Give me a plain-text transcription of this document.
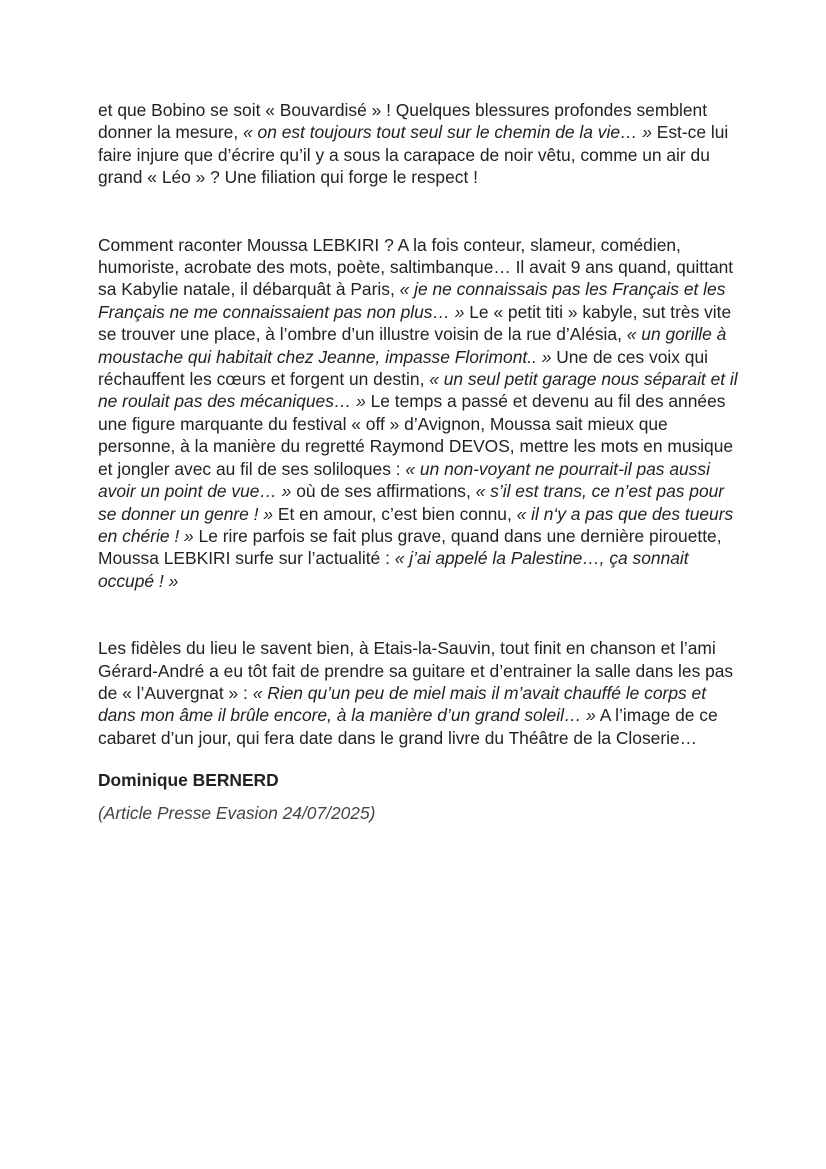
et que Bobino se soit « Bouvardisé » ! Quelques blessures profondes semblent donner la mesure, « on est toujours tout seul sur le chemin de la vie… » Est-ce lui faire injure que d’écrire qu’il y a sous la carapace de noir vêtu, comme un air du grand « Léo » ? Une filiation qui forge le respect !

Comment raconter Moussa LEBKIRI ? A la fois conteur, slameur, comédien, humoriste, acrobate des mots, poète, saltimbanque… Il avait 9 ans quand, quittant sa Kabylie natale, il débarquât à Paris, « je ne connaissais pas les Français et les Français ne me connaissaient pas non plus… » Le « petit titi » kabyle, sut très vite se trouver une place, à l’ombre d’un illustre voisin de la rue d’Alésia, « un gorille à moustache qui habitait chez Jeanne, impasse Florimont.. » Une de ces voix qui réchauffent les cœurs et forgent un destin, « un seul petit garage nous séparait et il ne roulait pas des mécaniques… » Le temps a passé et devenu au fil des années une figure marquante du festival « off » d’Avignon, Moussa sait mieux que personne, à la manière du regretté Raymond DEVOS, mettre les mots en musique et jongler avec au fil de ses soliloques : « un non-voyant ne pourrait-il pas aussi avoir un point de vue… » où de ses affirmations, « s’il est trans, ce n’est pas pour se donner un genre ! » Et en amour, c’est bien connu, « il n‘y a pas que des tueurs en chérie ! » Le rire parfois se fait plus grave, quand dans une dernière pirouette, Moussa LEBKIRI surfe sur l’actualité : « j’ai appelé la Palestine…, ça sonnait occupé ! »

Les fidèles du lieu le savent bien, à Etais-la-Sauvin, tout finit en chanson et l’ami Gérard-André a eu tôt fait de prendre sa guitare et d’entrainer la salle dans les pas de « l’Auvergnat » : « Rien qu’un peu de miel mais il m’avait chauffé le corps et dans mon âme il brûle encore, à la manière d’un grand soleil… » A l’image de ce cabaret d’un jour, qui fera date dans le grand livre du Théâtre de la Closerie…

Dominique BERNERD

(Article Presse Evasion 24/07/2025)
